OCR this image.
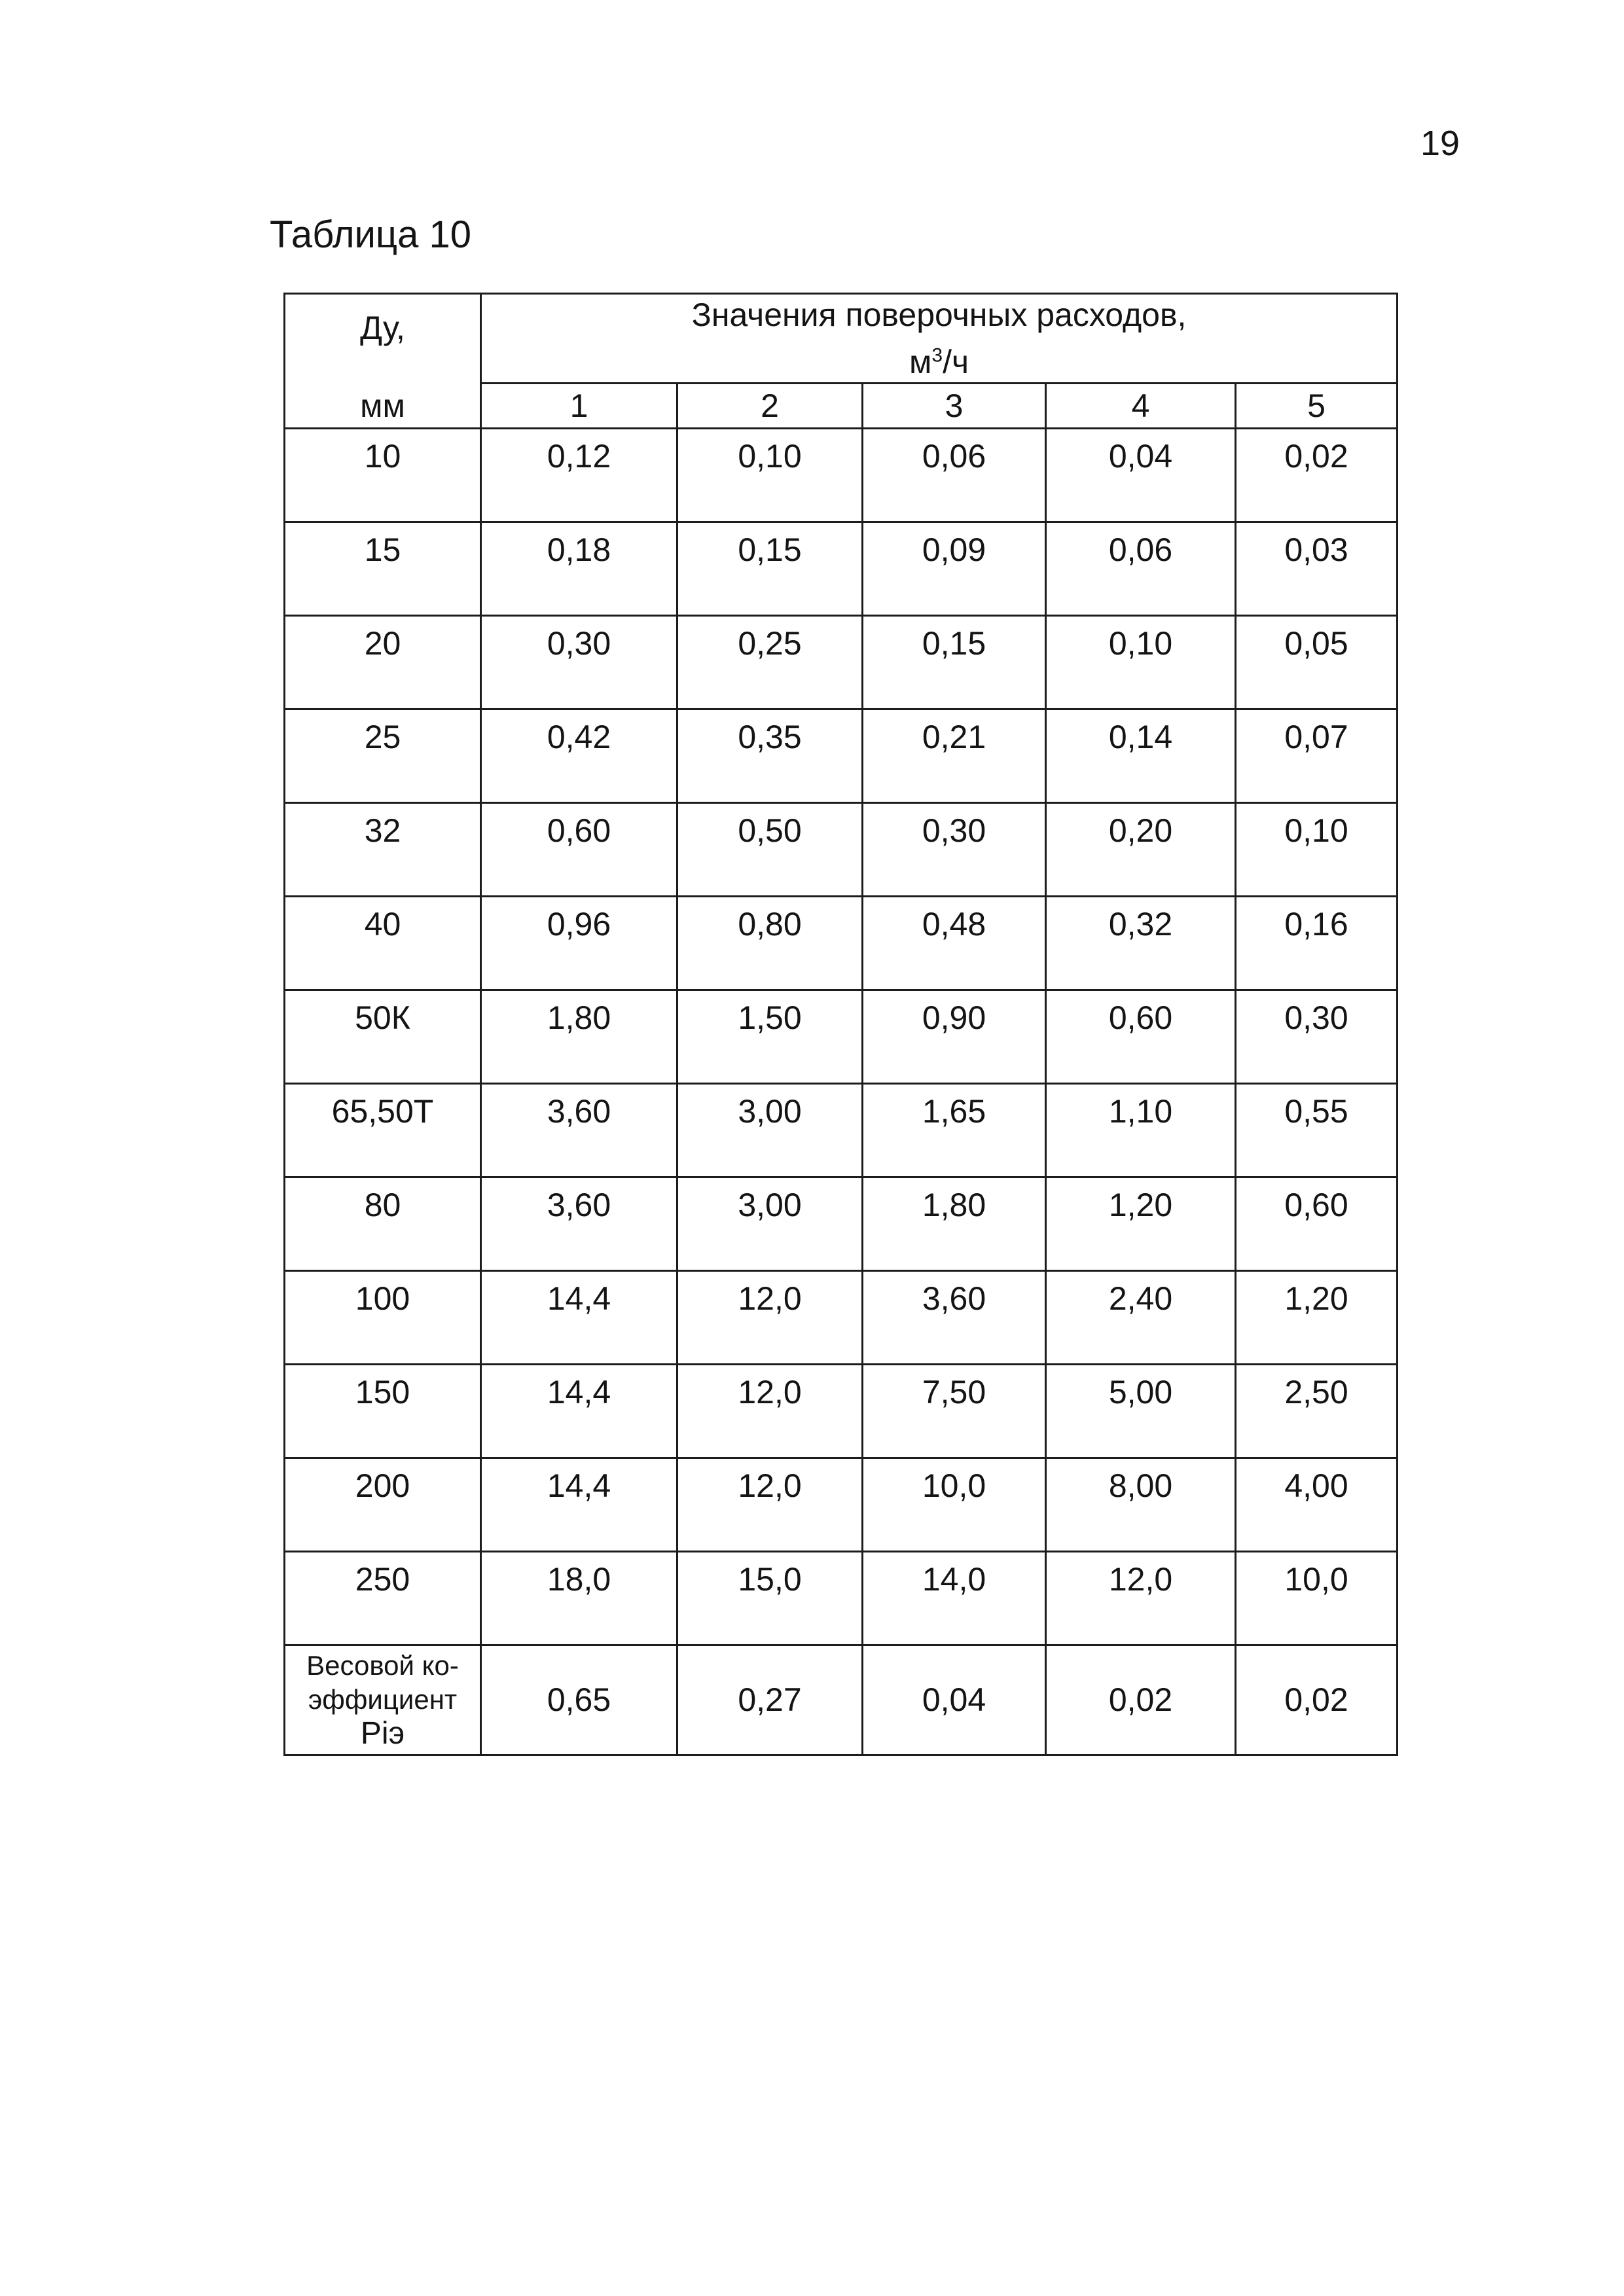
19
Таблица 10
Ду,
мм	Значения поверочных расходов,
$м^3/ч$				
	1	2	3	4	5
10	0,12	0,10	0,06	0,04	0,02
15	0,18	0,15	0,09	0,06	0,03
20	0,30	0,25	0,15	0,10	0,05
25	0,42	0,35	0,21	0,14	0,07
32	0,60	0,50	0,30	0,20	0,10
40	0,96	0,80	0,48	0,32	0,16
50К	1,80	1,50	0,90	0,60	0,30
65,50Т	3,60	3,00	1,65	1,10	0,55
80	3,60	3,00	1,80	1,20	0,60
100	14,4	12,0	3,60	2,40	1,20
150	14,4	12,0	7,50	5,00	2,50
200	14,4	12,0	10,0	8,00	4,00
250	18,0	15,0	14,0	12,0	10,0

Весовой ко-
эффициент
Ріэ	0,65	0,27	0,04	0,02	0,02
